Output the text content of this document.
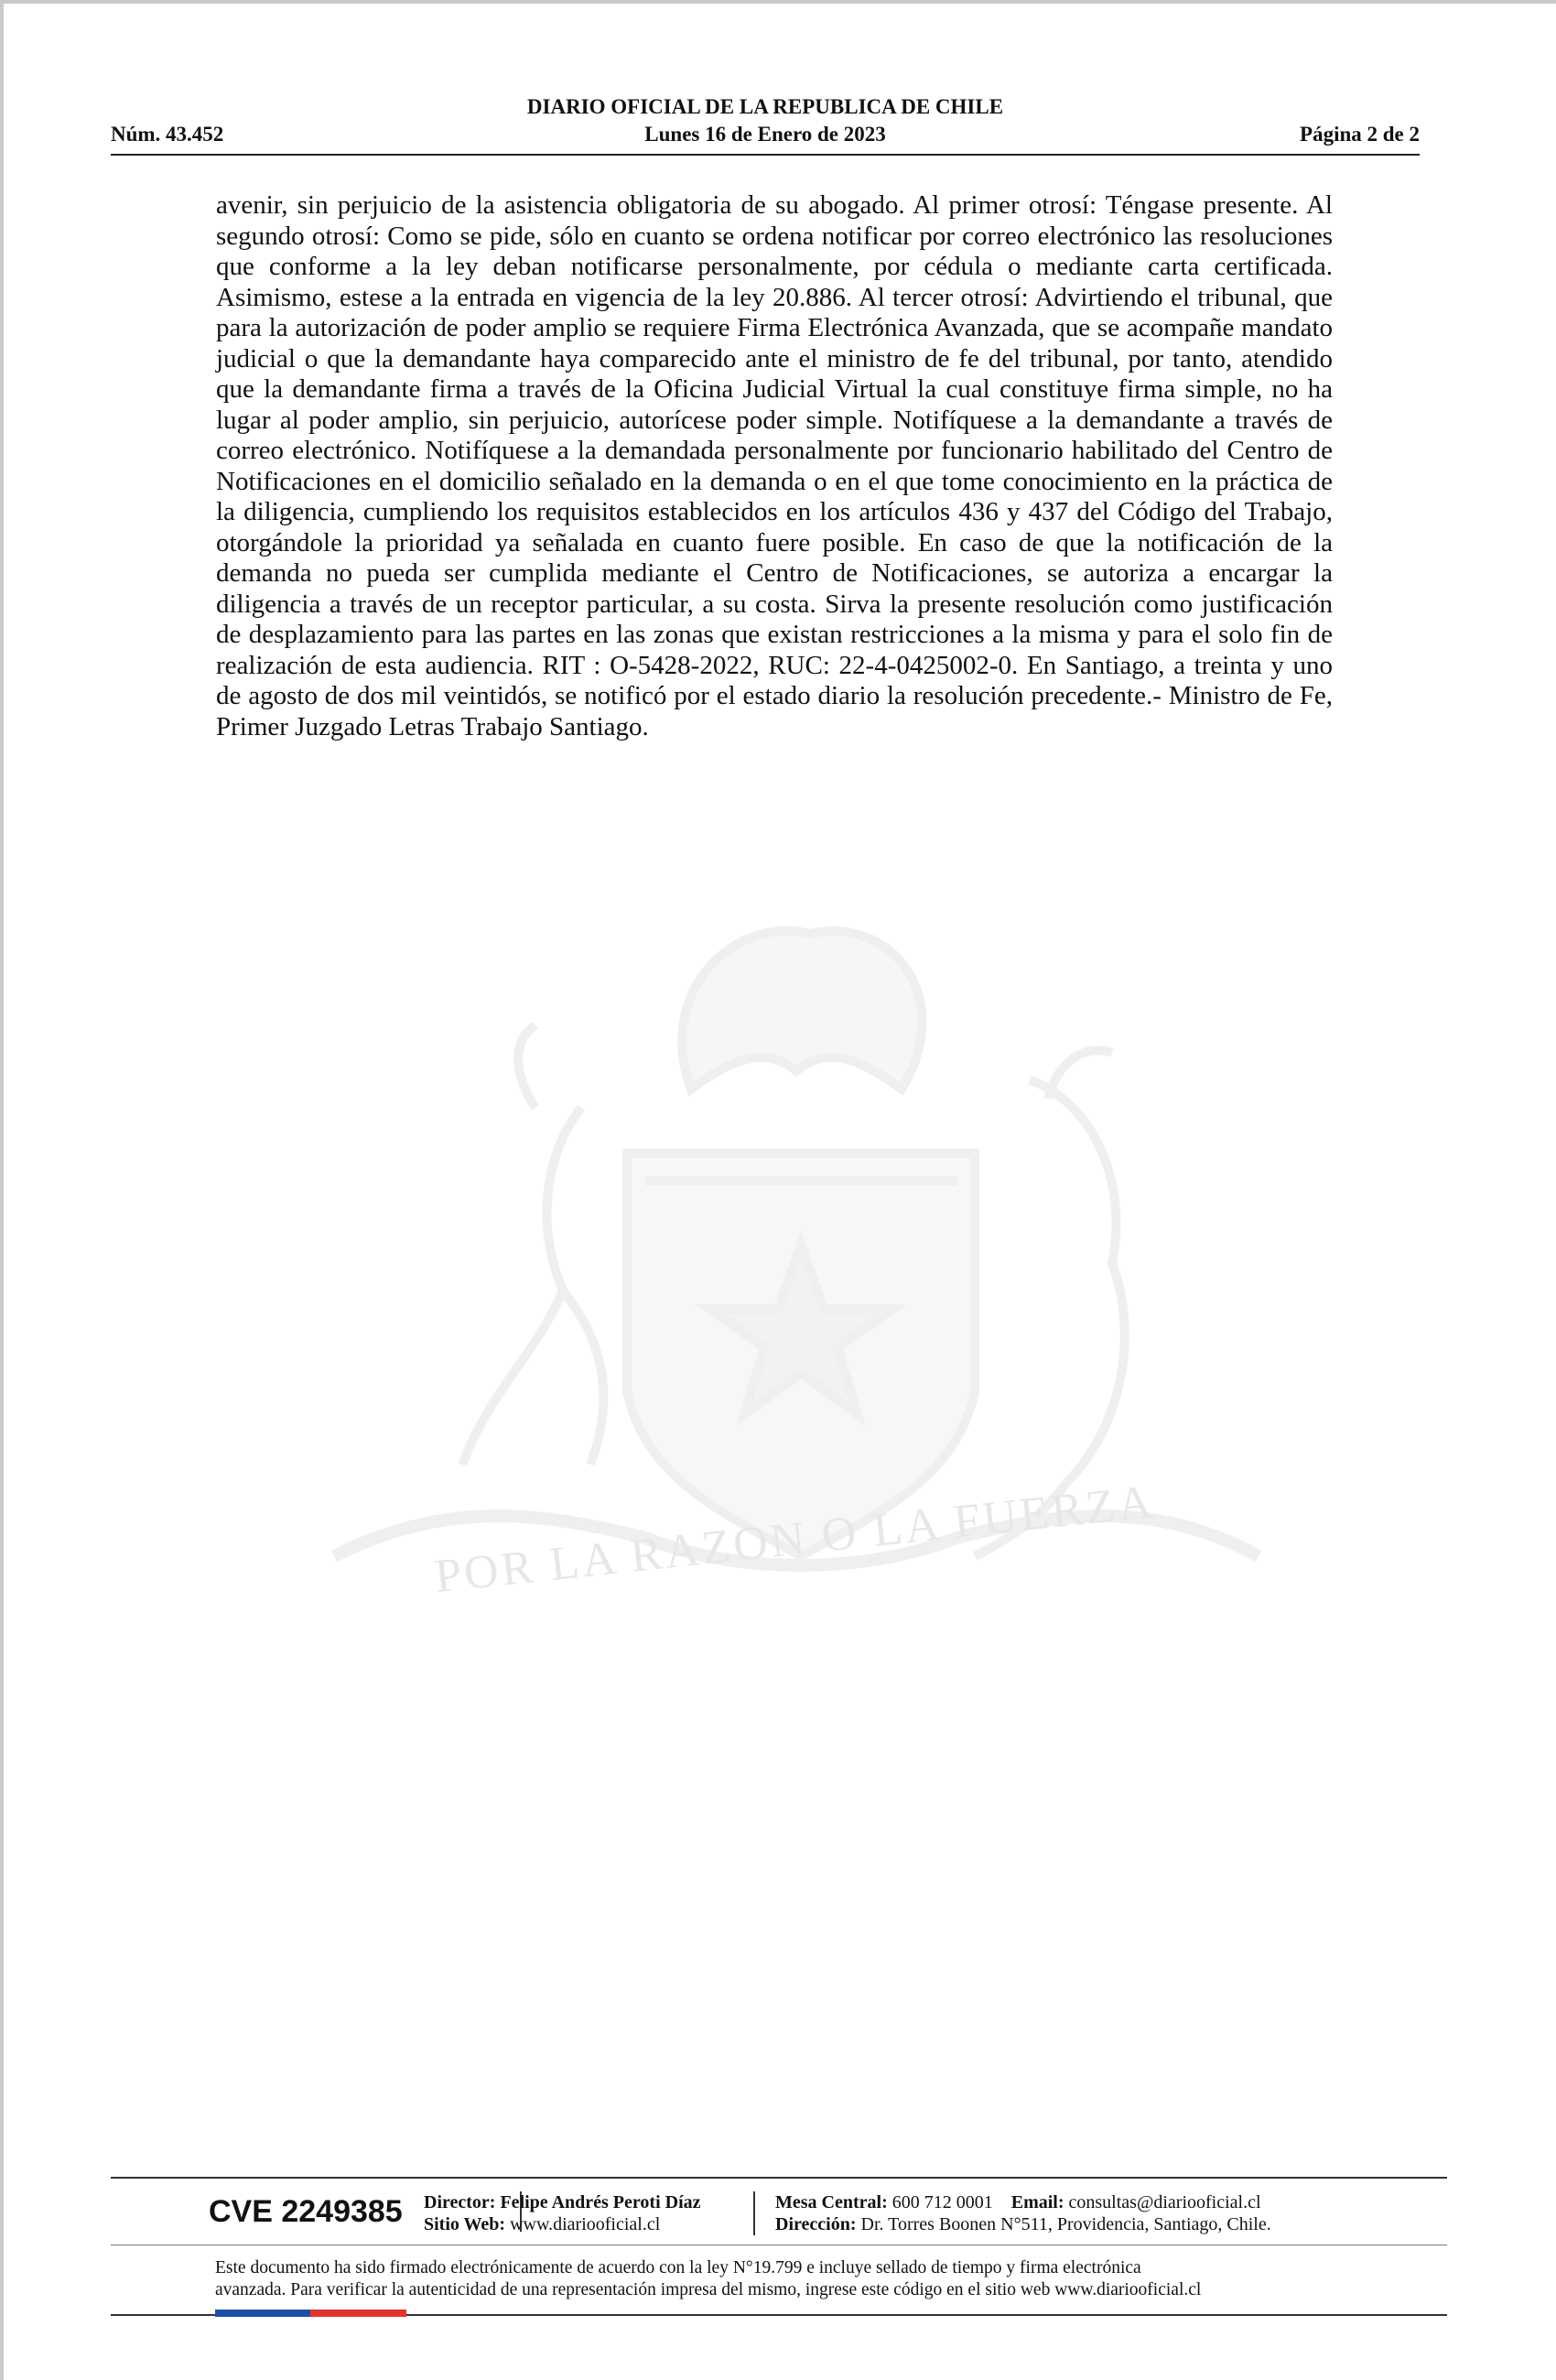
DIARIO OFICIAL DE LA REPUBLICA DE CHILE
Núm. 43.452	Lunes 16 de Enero de 2023	Página 2 de 2
POR LA RAZON O LA FUERZA

avenir, sin perjuicio de la asistencia obligatoria de su abogado. Al primer otrosí: Téngase presente. Al segundo otrosí: Como se pide, sólo en cuanto se ordena notificar por correo electrónico las resoluciones que conforme a la ley deban notificarse personalmente, por cédula o mediante carta certificada. Asimismo, estese a la entrada en vigencia de la ley 20.886. Al tercer otrosí: Advirtiendo el tribunal, que para la autorización de poder amplio se requiere Firma Electrónica Avanzada, que se acompañe mandato judicial o que la demandante haya comparecido ante el ministro de fe del tribunal, por tanto, atendido que la demandante firma a través de la Oficina Judicial Virtual la cual constituye firma simple, no ha lugar al poder amplio, sin perjuicio, autorícese poder simple. Notifíquese a la demandante a través de correo electrónico. Notifíquese a la demandada personalmente por funcionario habilitado del Centro de Notificaciones en el domicilio señalado en la demanda o en el que tome conocimiento en la práctica de la diligencia, cumpliendo los requisitos establecidos en los artículos 436 y 437 del Código del Trabajo, otorgándole la prioridad ya señalada en cuanto fuere posible. En caso de que la notificación de la demanda no pueda ser cumplida mediante el Centro de Notificaciones, se autoriza a encargar la diligencia a través de un receptor particular, a su costa. Sirva la presente resolución como justificación de desplazamiento para las partes en las zonas que existan restricciones a la misma y para el solo fin de realización de esta audiencia. RIT : O-5428-2022, RUC: 22-4-0425002-0. En Santiago, a treinta y uno de agosto de dos mil veintidós, se notificó por el estado diario la resolución precedente.- Ministro de Fe, Primer Juzgado Letras Trabajo Santiago.

CVE 2249385	Director: Felipe Andrés Peroti Díaz
Sitio Web: www.diariooficial.cl
Mesa Central: 600 712 0001 Email: consultas@diariooficial.cl
Dirección: Dr. Torres Boonen N°511, Providencia, Santiago, Chile.
Este documento ha sido firmado electrónicamente de acuerdo con la ley N°19.799 e incluye sellado de tiempo y firma electrónica
avanzada. Para verificar la autenticidad de una representación impresa del mismo, ingrese este código en el sitio web www.diariooficial.cl
